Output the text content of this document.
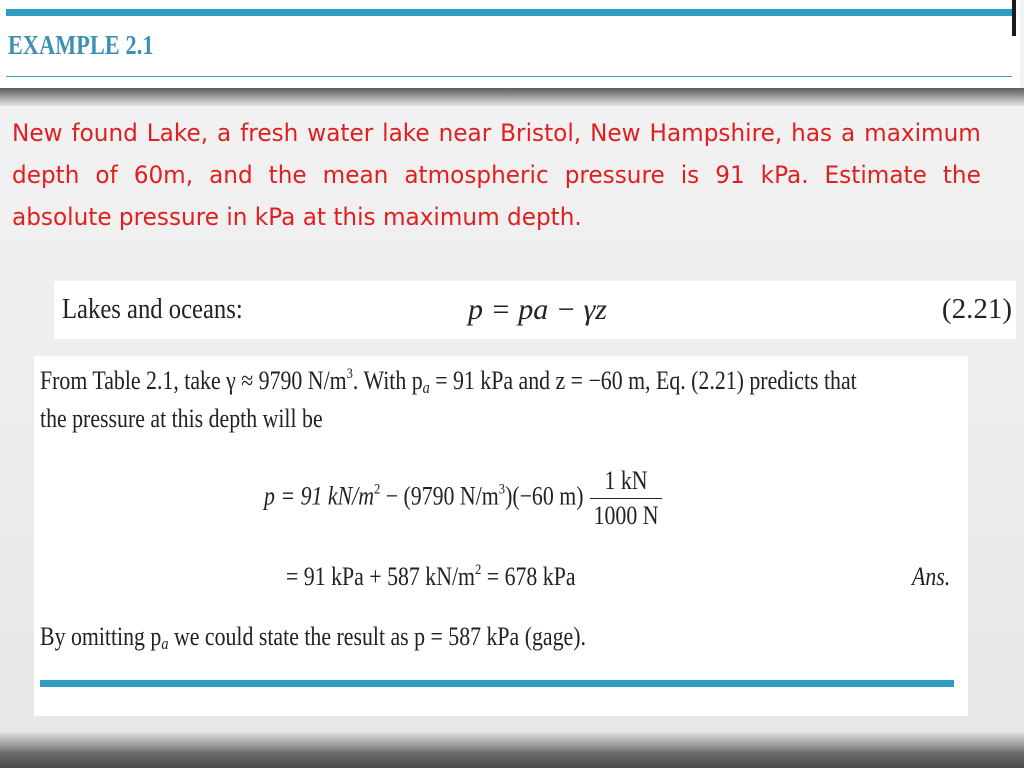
EXAMPLE 2.1
New found Lake, a fresh water lake near Bristol, New Hampshire, has a maximum depth of 60m, and the mean atmospheric pressure is 91 kPa. Estimate the absolute pressure in kPa at this maximum depth.
Lakes and oceans:	p = pa − γz	(2.21)
From Table 2.1, take γ ≈ 9790 $N/m^3$. With $p_a = 91$ kPa and z = −60 m, Eq. (2.21) predicts that
the pressure at this depth will be
p = 91 $kN/m^2 - (9790$ $N/m^3)(-60$ $m) \frac{1 kN}{1000 N}$
= 91 kPa + 587 $kN/m^2 = 678$ kPa	Ans.
By omitting $p_a$ we could state the result as p = 587 kPa (gage).
